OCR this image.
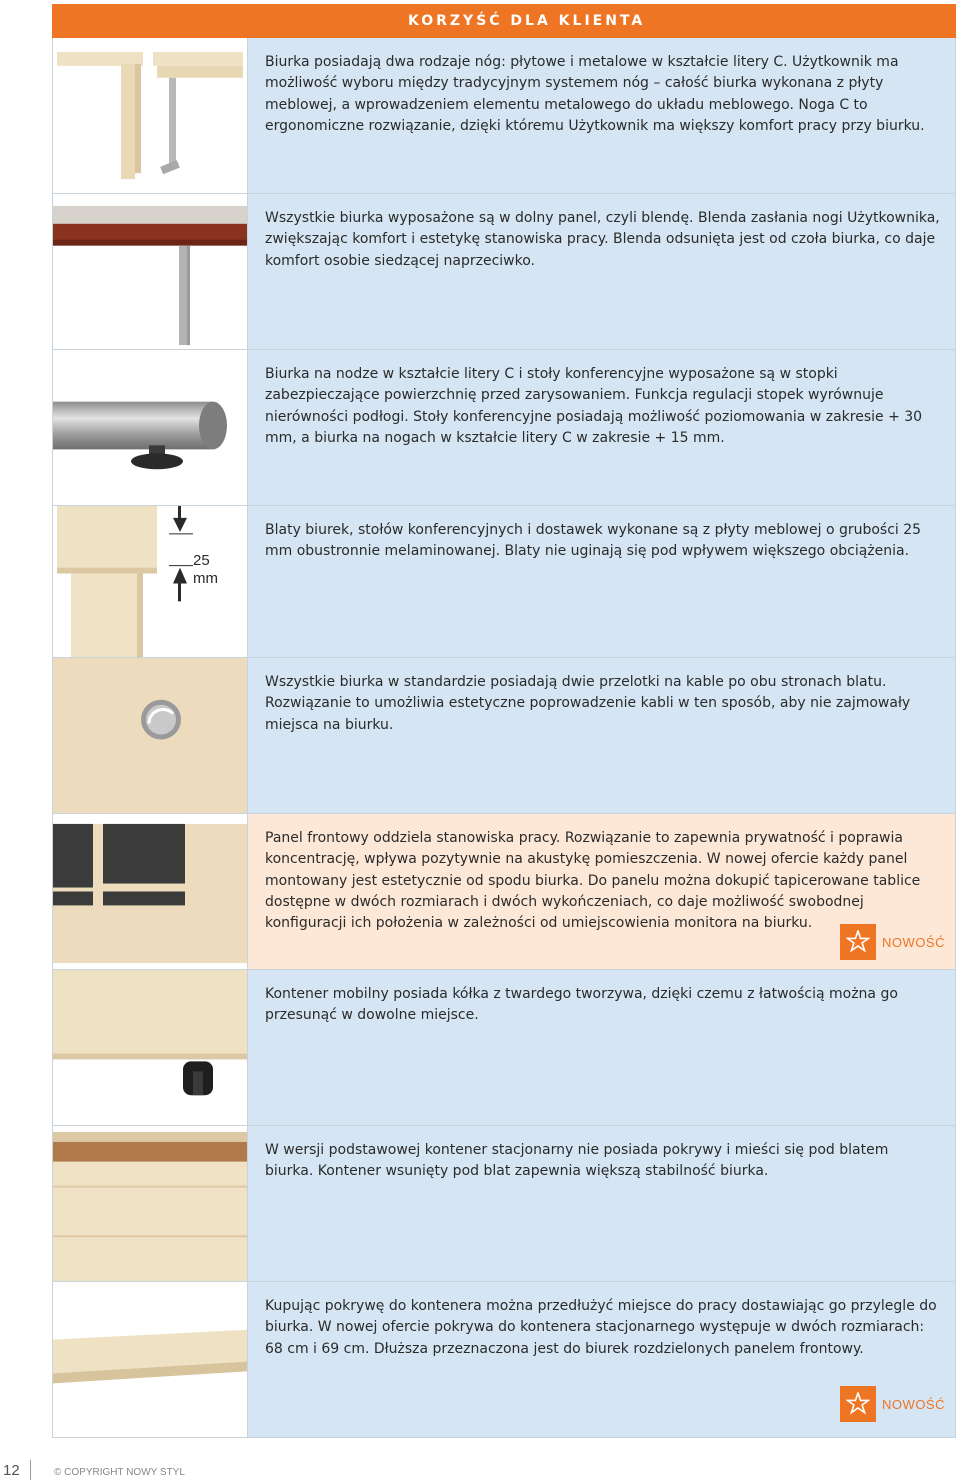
KORZYŚĆ DLA KLIENTA

Biurka posiadają dwa rodzaje nóg: płytowe i metalowe w kształcie litery C. Użytkownik ma możliwość wyboru między tradycyjnym systemem nóg – całość biurka wykonana z płyty meblowej, a wprowadzeniem elementu metalowego do układu meblowego. Noga C to ergonomiczne rozwiązanie, dzięki któremu Użytkownik ma większy komfort pracy przy biurku.

Wszystkie biurka wyposażone są w dolny panel, czyli blendę. Blenda zasłania nogi Użytkownika, zwiększając komfort i estetykę stanowiska pracy. Blenda odsunięta jest od czoła biurka, co daje komfort osobie siedzącej naprzeciwko.

Biurka na nodze w kształcie litery C i stoły konferencyjne wyposażone są w stopki zabezpieczające powierzchnię przed zarysowaniem. Funkcja regulacji stopek wyrównuje nierówności podłogi. Stoły konferencyjne posiadają możliwość poziomowania w zakresie + 30 mm, a biurka na nogach w kształcie litery C w zakresie + 15 mm.

25
mm

Blaty biurek, stołów konferencyjnych i dostawek wykonane są z płyty meblowej o grubości 25 mm obustronnie melaminowanej. Blaty nie uginają się pod wpływem większego obciążenia.

Wszystkie biurka w standardzie posiadają dwie przelotki na kable po obu stronach blatu. Rozwiązanie to umożliwia estetyczne poprowadzenie kabli w ten sposób, aby nie zajmowały miejsca na biurku.

Panel frontowy oddziela stanowiska pracy. Rozwiązanie to zapewnia prywatność i poprawia koncentrację, wpływa pozytywnie na akustykę pomieszczenia. W nowej ofercie każdy panel montowany jest estetycznie od spodu biurka. Do panelu można dokupić tapicerowane tablice dostępne w dwóch rozmiarach i dwóch wykończeniach, co daje możliwość swobodnej konfiguracji ich położenia w zależności od umiejscowienia monitora na biurku.

NOWOŚĆ

Kontener mobilny posiada kółka z twardego tworzywa, dzięki czemu z łatwością można go przesunąć w dowolne miejsce.

W wersji podstawowej kontener stacjonarny nie posiada pokrywy i mieści się pod blatem biurka. Kontener wsunięty pod blat zapewnia większą stabilność biurka.

Kupując pokrywę do kontenera można przedłużyć miejsce do pracy dostawiając go przylegle do biurka. W nowej ofercie pokrywa do kontenera stacjonarnego występuje w dwóch rozmiarach: 68 cm i 69 cm. Dłuższa przeznaczona jest do biurek rozdzielonych panelem frontowy.

NOWOŚĆ
12	© COPYRIGHT NOWY STYL
